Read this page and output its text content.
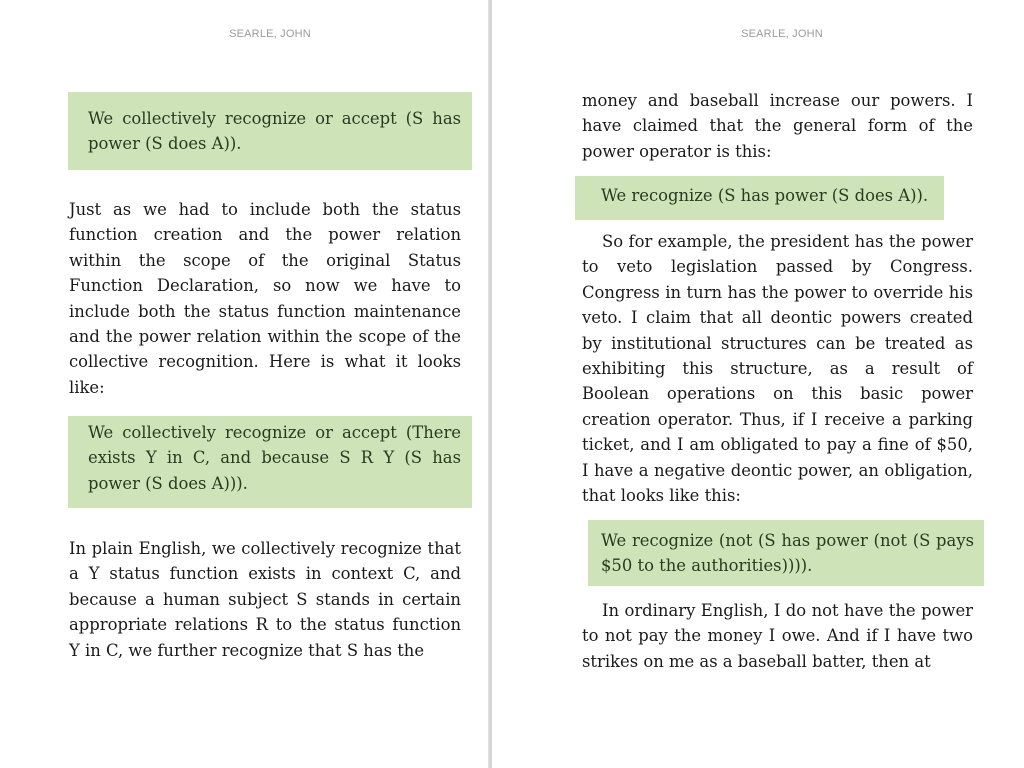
SEARLE, JOHN

We collectively recognize or accept (S has power (S does A)).

Just as we had to include both the status function creation and the power relation within the scope of the original Status Function Declaration, so now we have to include both the status function maintenance and the power relation within the scope of the collective recognition. Here is what it looks like:

We collectively recognize or accept (There exists Y in C, and because S R Y (S has power (S does A))).

In plain English, we collectively recognize that a Y status function exists in context C, and because a human subject S stands in certain appropriate relations R to the status function Y in C, we further recognize that S has the

SEARLE, JOHN

money and baseball increase our powers. I have claimed that the general form of the power operator is this:

We recognize (S has power (S does A)).

So for example, the president has the power to veto legislation passed by Congress. Congress in turn has the power to override his veto. I claim that all deontic powers created by institutional structures can be treated as exhibiting this structure, as a result of Boolean operations on this basic power creation operator. Thus, if I receive a parking ticket, and I am obligated to pay a fine of $50, I have a negative deontic power, an obligation, that looks like this:

We recognize (not (S has power (not (S pays $50 to the authorities)))).

In ordinary English, I do not have the power to not pay the money I owe. And if I have two strikes on me as a baseball batter, then at
